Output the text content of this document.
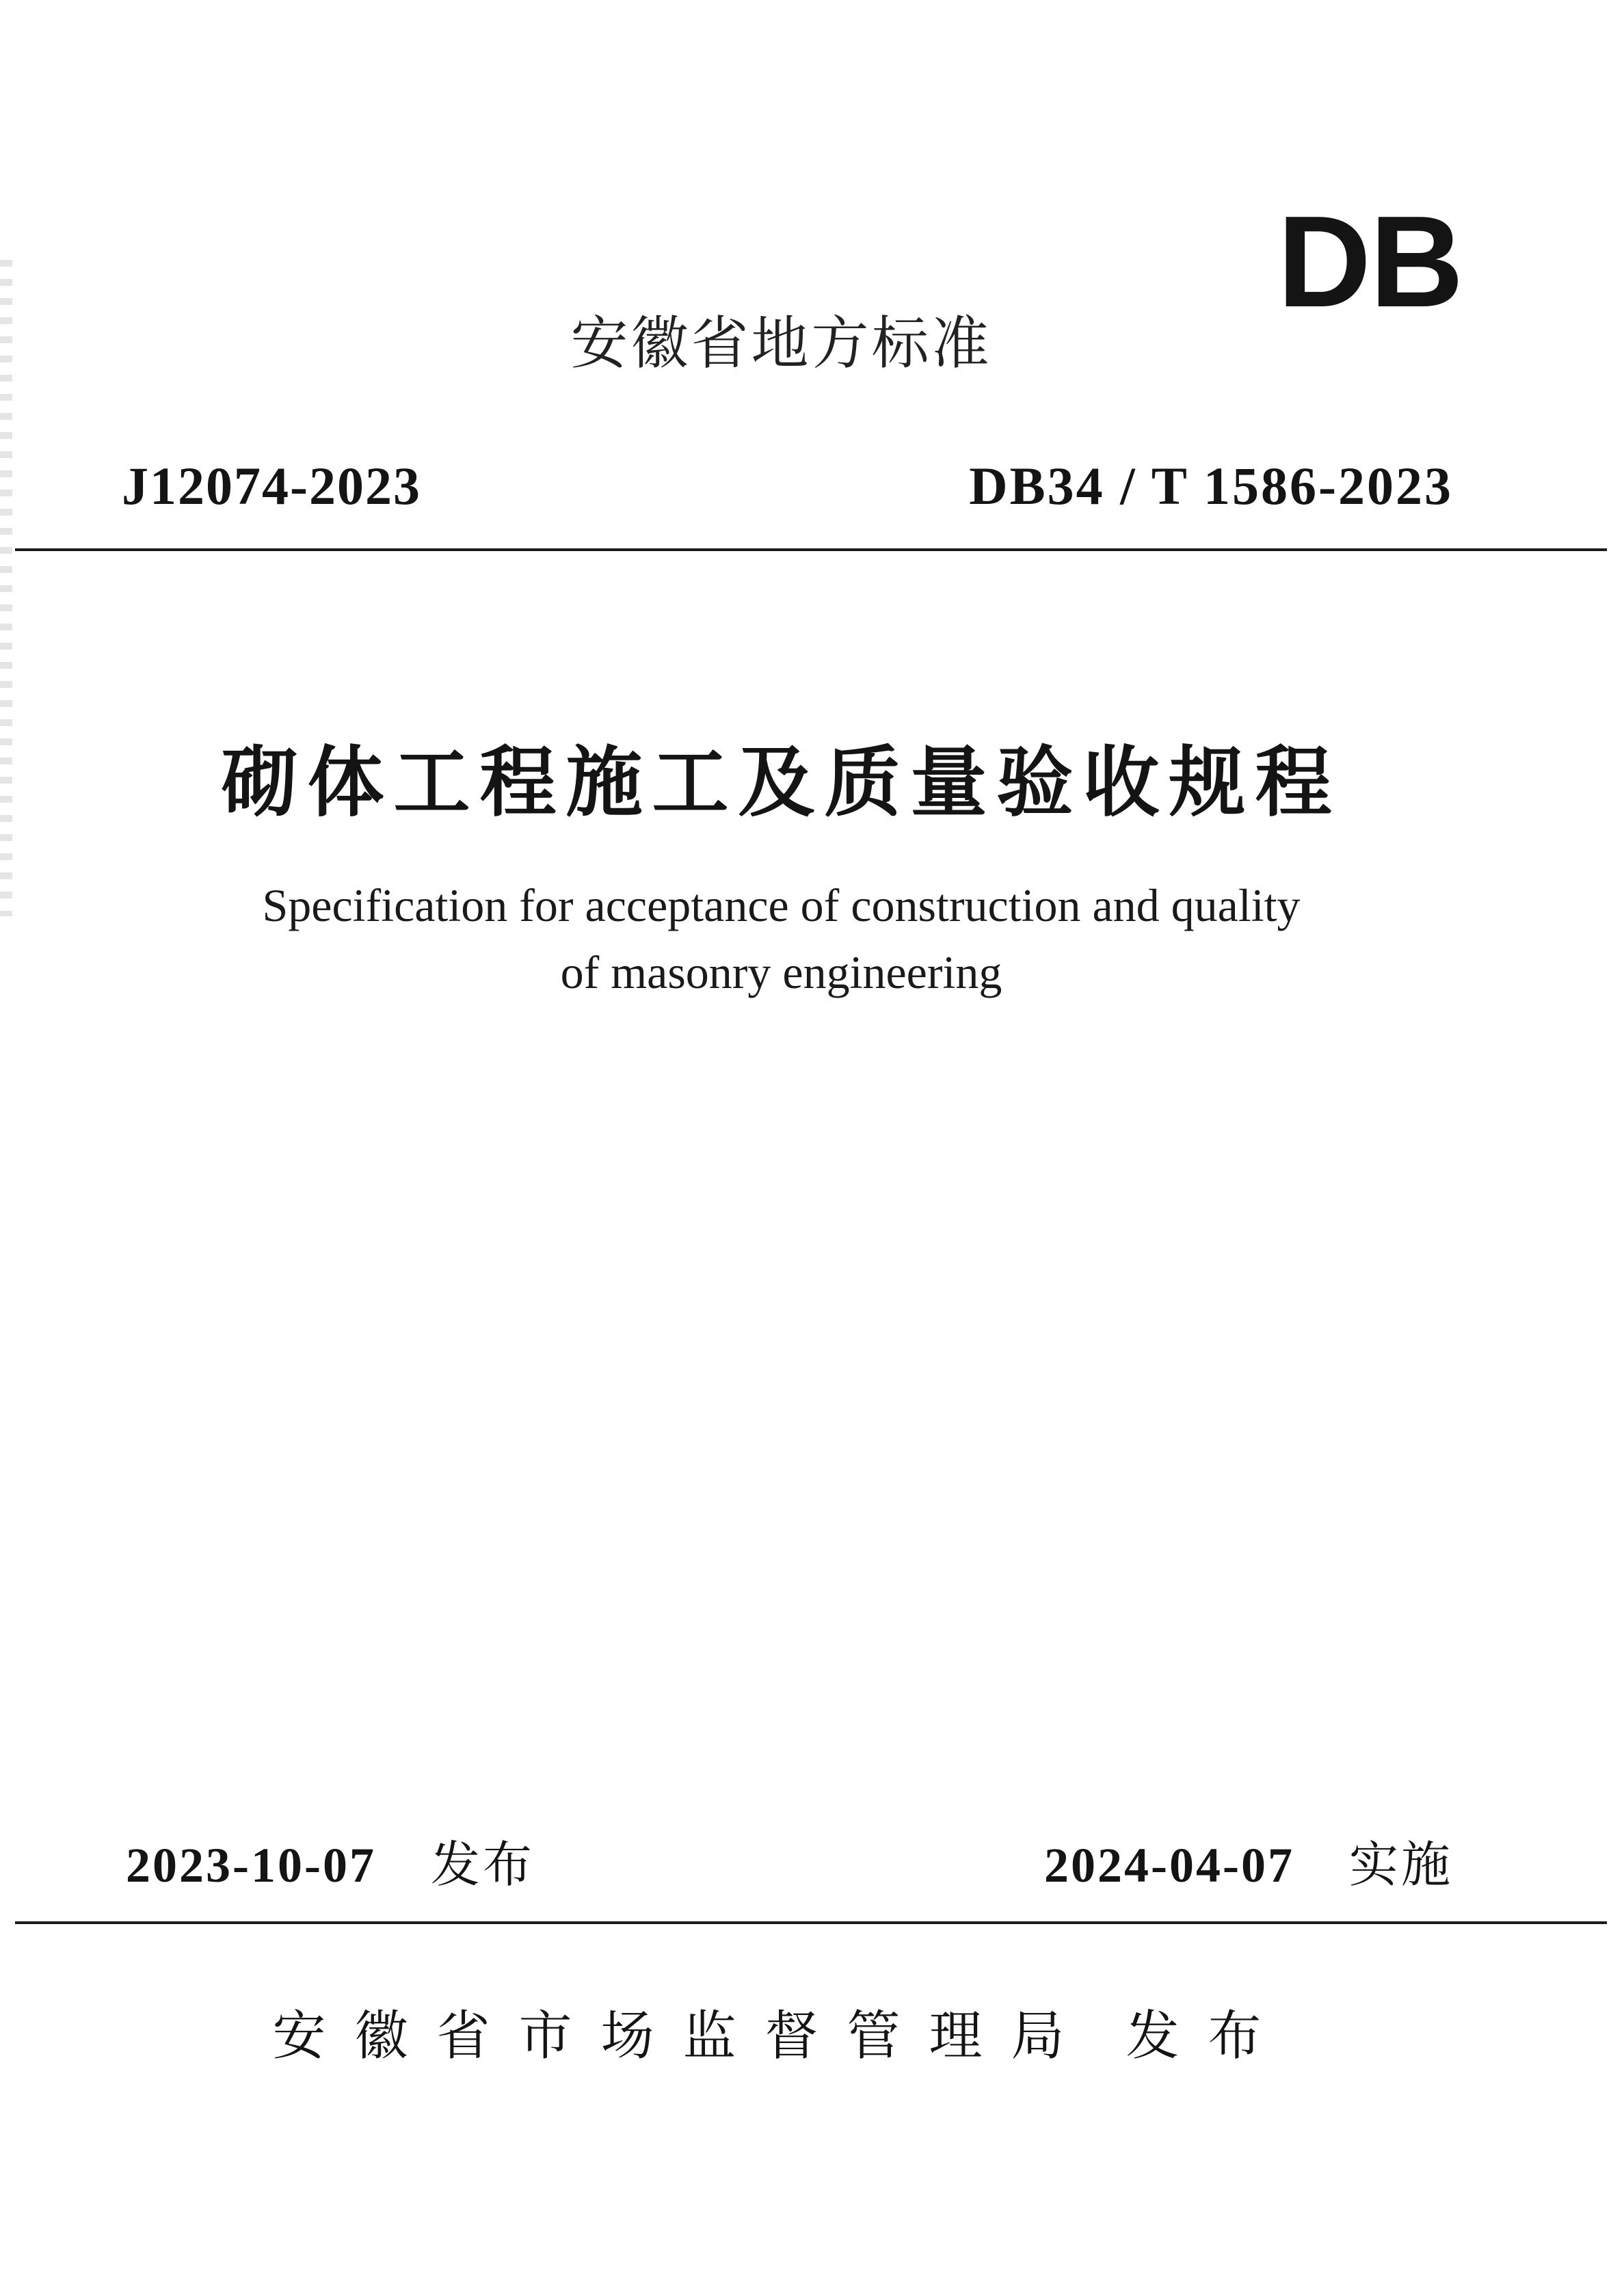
DB
安徽省地方标准
J12074-2023	DB34 / T 1586-2023
砌体工程施工及质量验收规程
Specification for acceptance of construction and quality
of masonry engineering
2023-10-07 发布	2024-04-07 实施
安徽省市场监督管理局 发布
